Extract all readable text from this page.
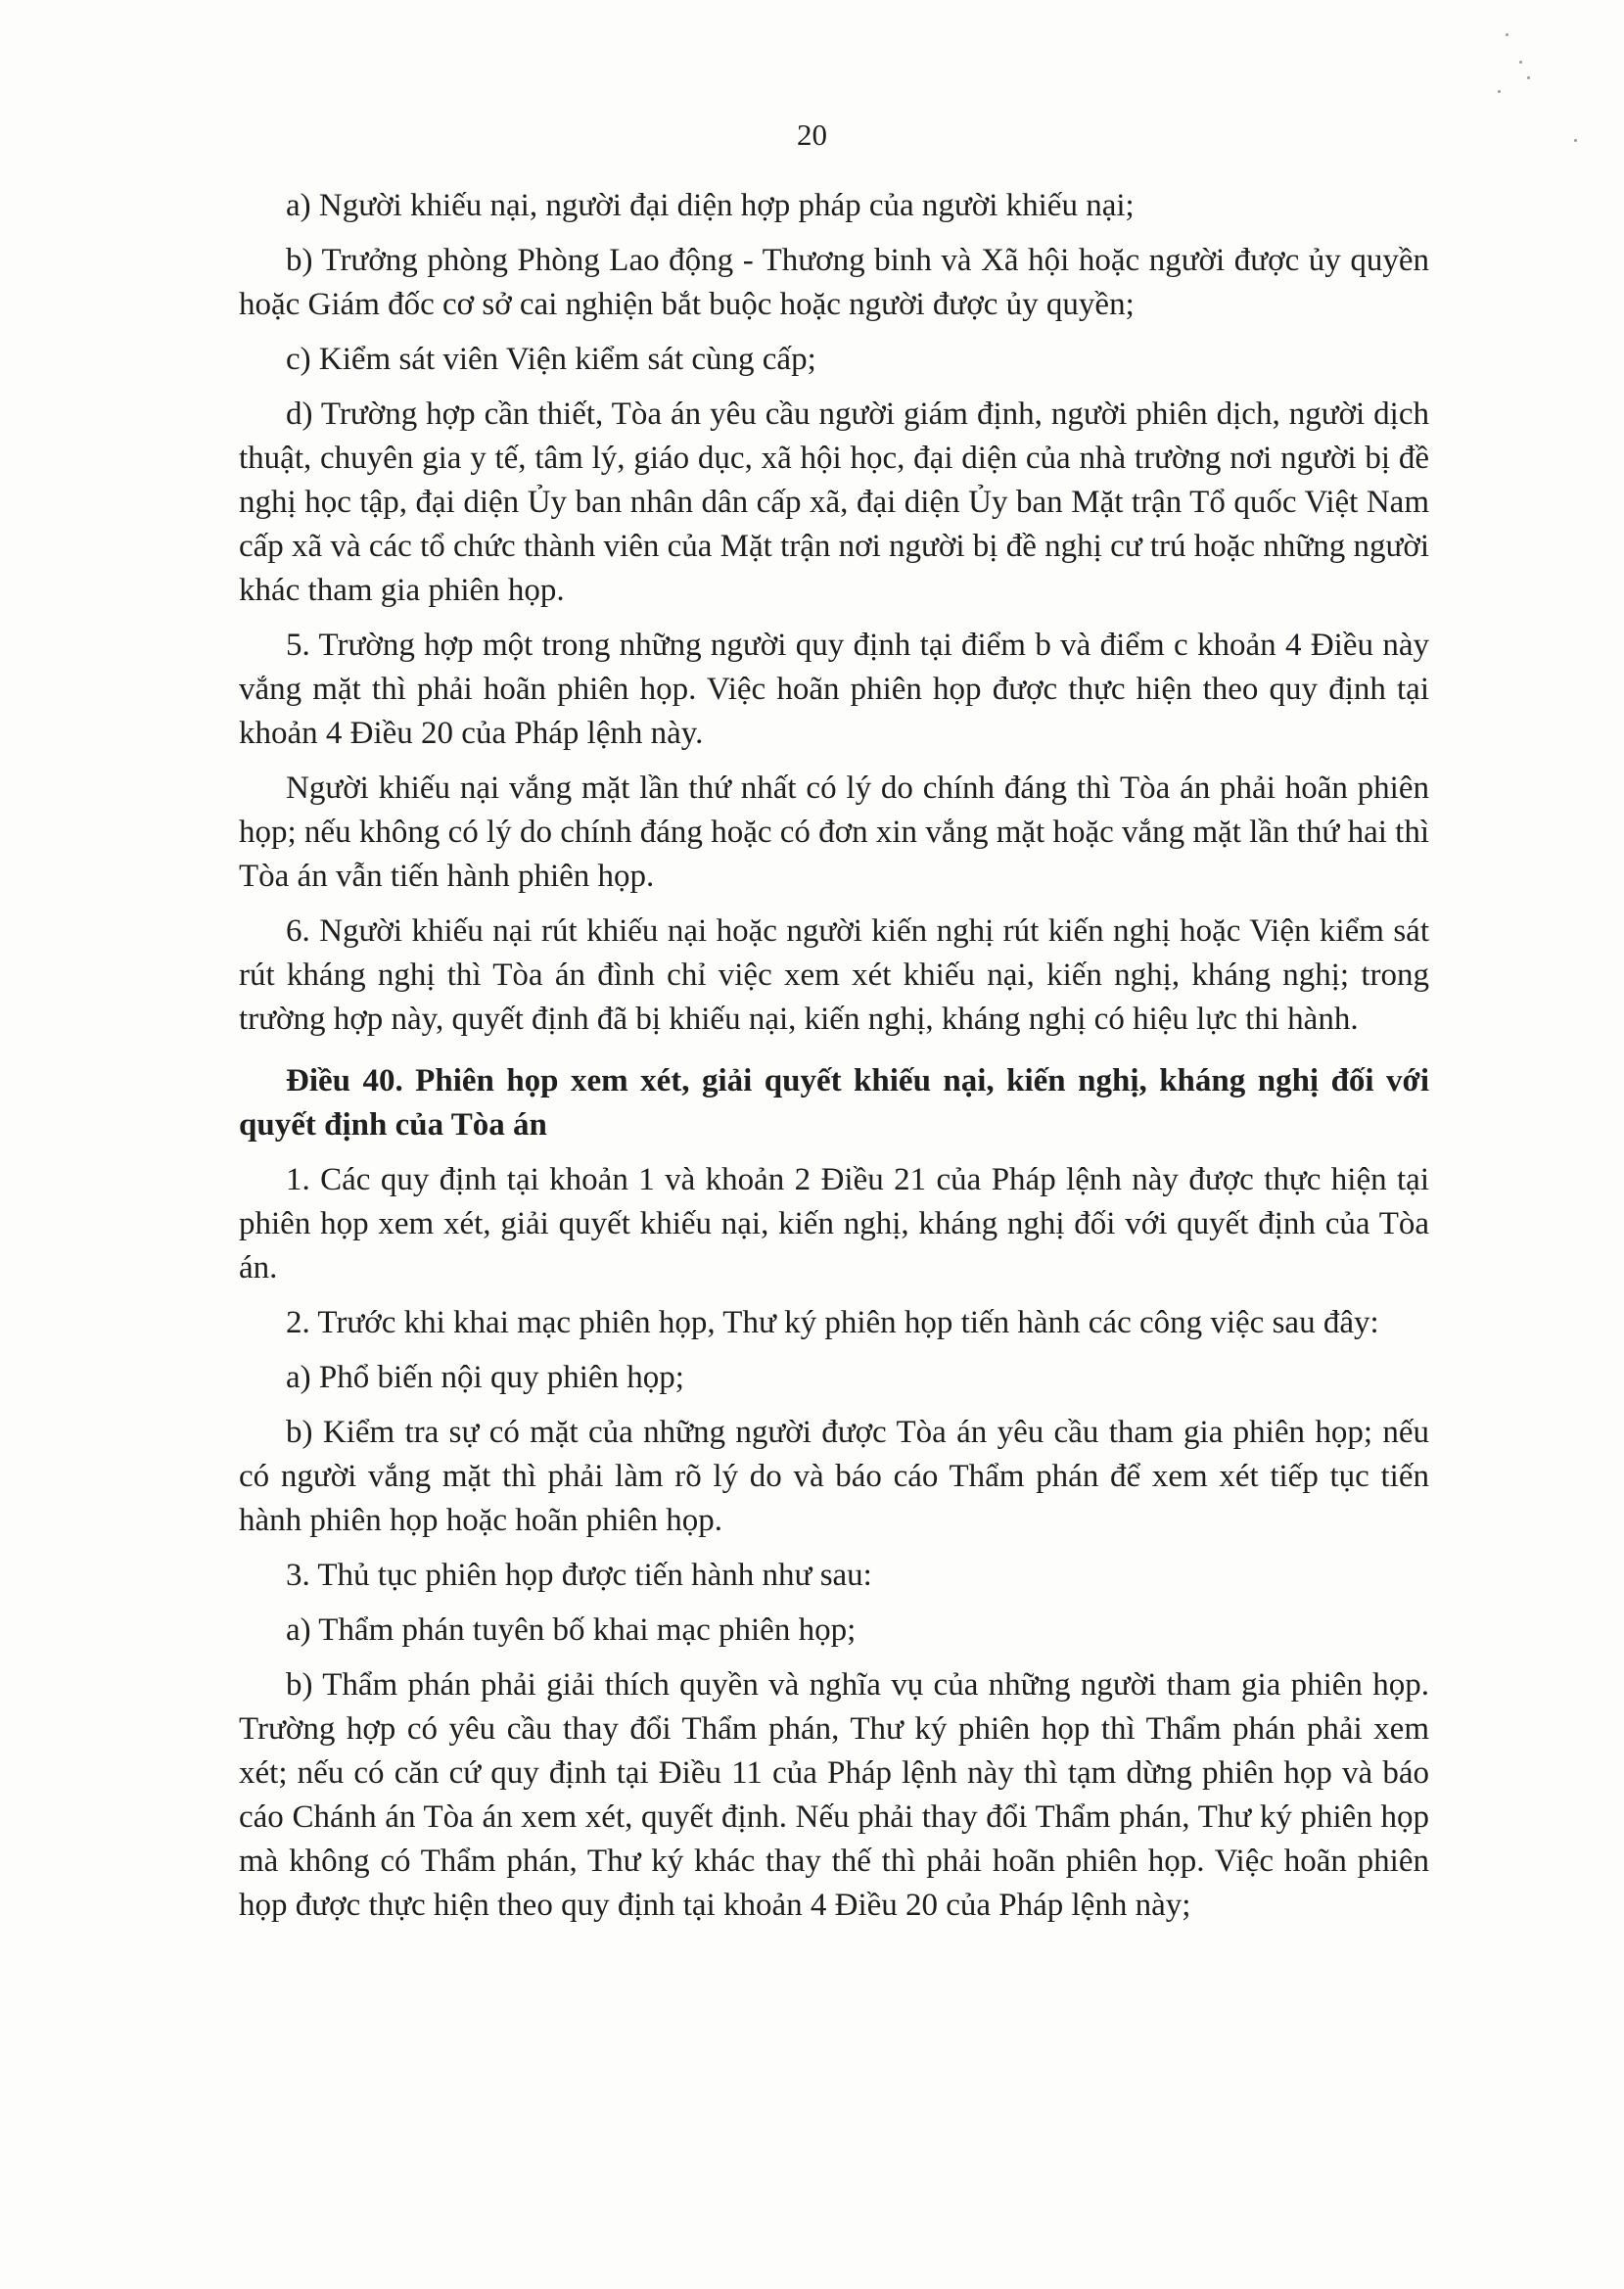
20

a) Người khiếu nại, người đại diện hợp pháp của người khiếu nại;

b) Trưởng phòng Phòng Lao động - Thương binh và Xã hội hoặc người được ủy quyền hoặc Giám đốc cơ sở cai nghiện bắt buộc hoặc người được ủy quyền;

c) Kiểm sát viên Viện kiểm sát cùng cấp;

d) Trường hợp cần thiết, Tòa án yêu cầu người giám định, người phiên dịch, người dịch thuật, chuyên gia y tế, tâm lý, giáo dục, xã hội học, đại diện của nhà trường nơi người bị đề nghị học tập, đại diện Ủy ban nhân dân cấp xã, đại diện Ủy ban Mặt trận Tổ quốc Việt Nam cấp xã và các tổ chức thành viên của Mặt trận nơi người bị đề nghị cư trú hoặc những người khác tham gia phiên họp.

5. Trường hợp một trong những người quy định tại điểm b và điểm c khoản 4 Điều này vắng mặt thì phải hoãn phiên họp. Việc hoãn phiên họp được thực hiện theo quy định tại khoản 4 Điều 20 của Pháp lệnh này.

Người khiếu nại vắng mặt lần thứ nhất có lý do chính đáng thì Tòa án phải hoãn phiên họp; nếu không có lý do chính đáng hoặc có đơn xin vắng mặt hoặc vắng mặt lần thứ hai thì Tòa án vẫn tiến hành phiên họp.

6. Người khiếu nại rút khiếu nại hoặc người kiến nghị rút kiến nghị hoặc Viện kiểm sát rút kháng nghị thì Tòa án đình chỉ việc xem xét khiếu nại, kiến nghị, kháng nghị; trong trường hợp này, quyết định đã bị khiếu nại, kiến nghị, kháng nghị có hiệu lực thi hành.

Điều 40. Phiên họp xem xét, giải quyết khiếu nại, kiến nghị, kháng nghị đối với quyết định của Tòa án

1. Các quy định tại khoản 1 và khoản 2 Điều 21 của Pháp lệnh này được thực hiện tại phiên họp xem xét, giải quyết khiếu nại, kiến nghị, kháng nghị đối với quyết định của Tòa án.

2. Trước khi khai mạc phiên họp, Thư ký phiên họp tiến hành các công việc sau đây:

a) Phổ biến nội quy phiên họp;

b) Kiểm tra sự có mặt của những người được Tòa án yêu cầu tham gia phiên họp; nếu có người vắng mặt thì phải làm rõ lý do và báo cáo Thẩm phán để xem xét tiếp tục tiến hành phiên họp hoặc hoãn phiên họp.

3. Thủ tục phiên họp được tiến hành như sau:

a) Thẩm phán tuyên bố khai mạc phiên họp;

b) Thẩm phán phải giải thích quyền và nghĩa vụ của những người tham gia phiên họp. Trường hợp có yêu cầu thay đổi Thẩm phán, Thư ký phiên họp thì Thẩm phán phải xem xét; nếu có căn cứ quy định tại Điều 11 của Pháp lệnh này thì tạm dừng phiên họp và báo cáo Chánh án Tòa án xem xét, quyết định. Nếu phải thay đổi Thẩm phán, Thư ký phiên họp mà không có Thẩm phán, Thư ký khác thay thế thì phải hoãn phiên họp. Việc hoãn phiên họp được thực hiện theo quy định tại khoản 4 Điều 20 của Pháp lệnh này;
